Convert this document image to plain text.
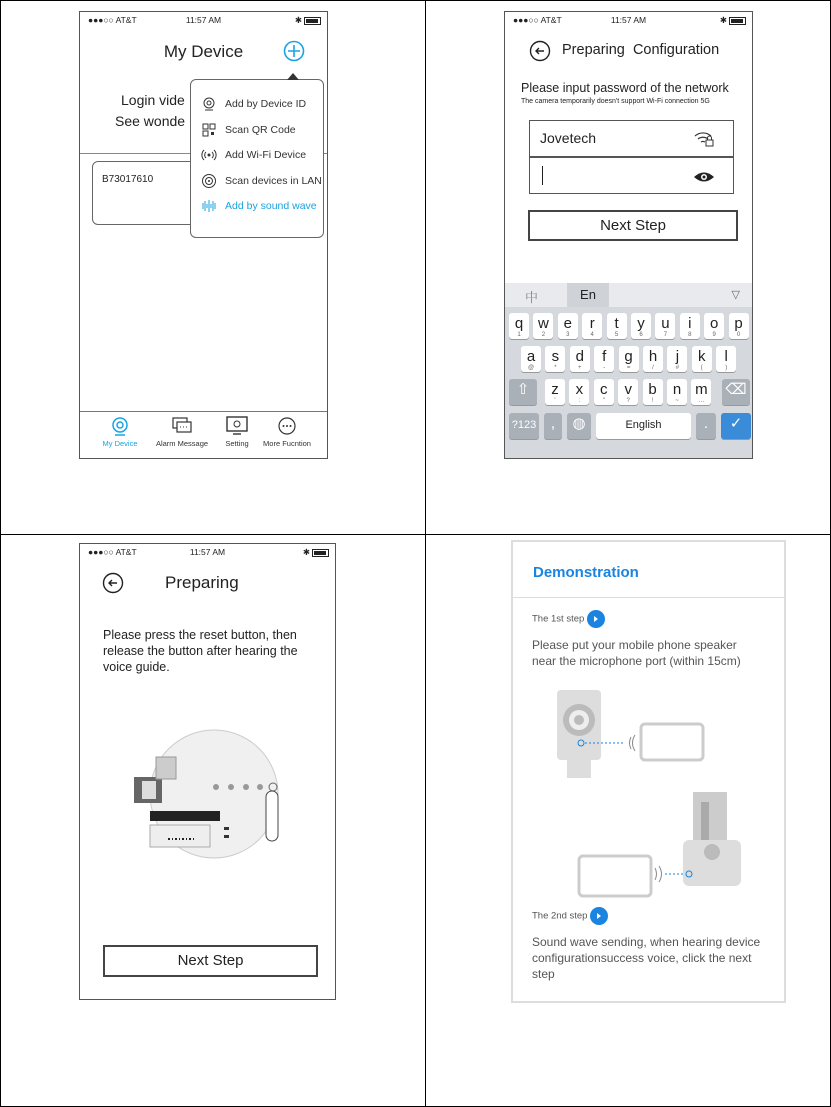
●●●○○ AT&T	11:57 AM	✱
My Device
Login vide
See wonde
B73017610
Add by Device ID
Scan QR Code
Add Wi-Fi Device
Scan devices in LAN
Add by sound wave
My Device	Alarm Message	Setting	More Fucntion
●●●○○ AT&T	11:57 AM	✱
Preparing Configuration
Please input password of the network
The camera temporarily doesn't support Wi-Fi connection 5G
Jovetech
Next Step
中	En	▽
q
1
w
2
e
3
r
4
t
5
y
6
u
7
i
8
o
9
p
0
a
@
s
*
d
+
f
-
g
=
h
/
j
#
k
(
l
)
⇧	z
'
x
:
c
"
v
?
b
!
n
~
m
…
⌫
?123 ,	◍	English	.	✓
●●●○○ AT&T	11:57 AM	✱
Preparing
Please press the reset button, then release the button after hearing the voice guide.
Next Step
Demonstration
The 1st step
Please put your mobile phone speaker near the microphone port (within 15cm)
The 2nd step
Sound wave sending, when hearing device configurationsuccess voice, click the next step
